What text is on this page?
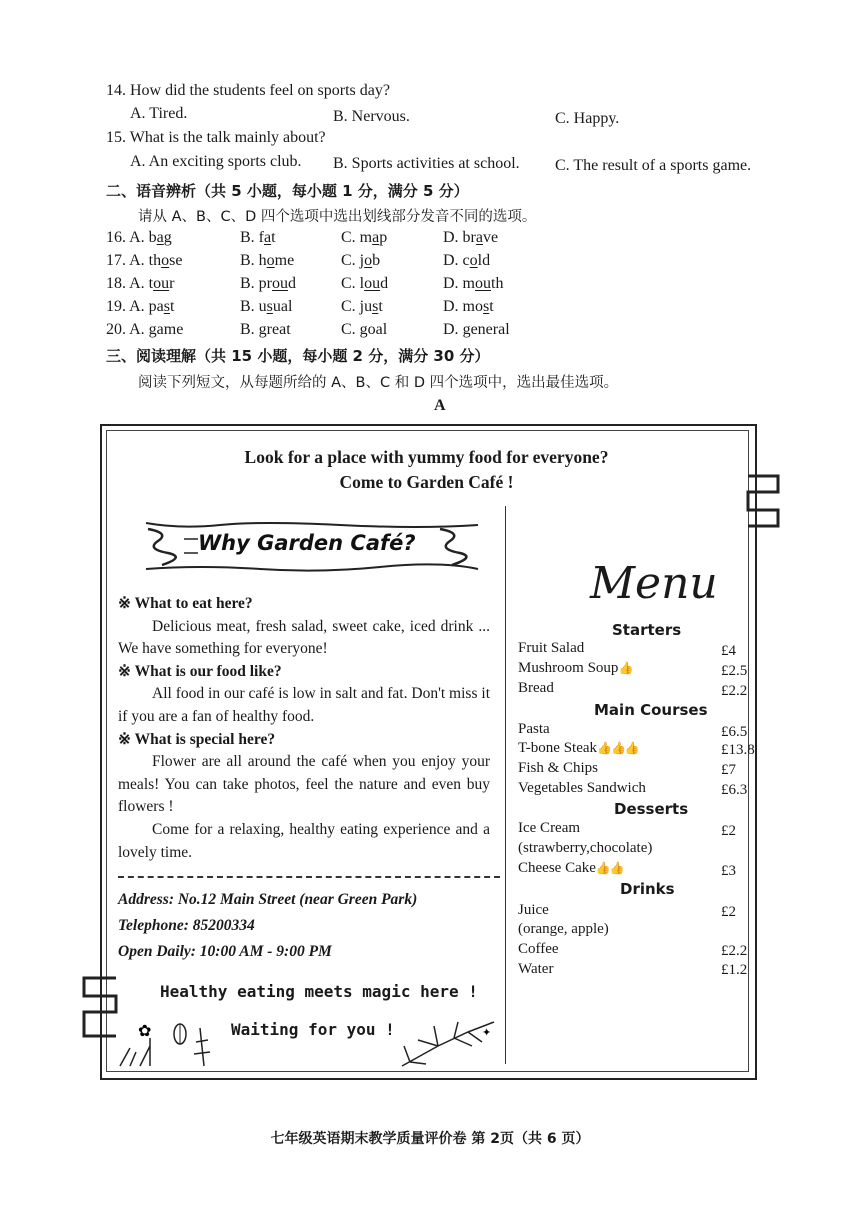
14. How did the students feel on sports day?
A. Tired.	B. Nervous.	C. Happy.
15. What is the talk mainly about?
A. An exciting sports club. B. Sports activities at school. C. The result of a sports game.
二、语音辨析（共 5 小题，每小题 1 分，满分 5 分）
请从 A、B、C、D 四个选项中选出划线部分发音不同的选项。
16. A. bag	B. fat	C. map	D. brave
17. A. those	B. home	C. job	D. cold
18. A. tour	B. proud	C. loud	D. mouth
19. A. past	B. usual	C. just	D. most
20. A. game	B. great	C. goal	D. general
三、阅读理解（共 15 小题，每小题 2 分，满分 30 分）
阅读下列短文，从每题所给的 A、B、C 和 D 四个选项中，选出最佳选项。
A
Look for a place with yummy food for everyone?
Come to Garden Café !
Why Garden Café?
※ What to eat here?
Delicious meat, fresh salad, sweet cake, iced drink ... We have something for everyone!
※ What is our food like?
All food in our café is low in salt and fat. Don't miss it if you are a fan of healthy food.
※ What is special here?
Flower are all around the café when you enjoy your meals! You can take photos, feel the nature and even buy flowers !
Come for a relaxing, healthy eating experience and a lovely time.
Address: No.12 Main Street (near Green Park)
Telephone: 85200334
Open Daily: 10:00 AM - 9:00 PM
Healthy eating meets magic here !
Waiting for you !
✿	✦
Menu
Starters
Fruit Salad	£4
Mushroom Soup👍	£2.5
Bread	£2.2
Main Courses
Pasta	£6.5
T-bone Steak👍👍👍	£13.8
Fish & Chips	£7
Vegetables Sandwich	£6.3
Desserts
Ice Cream	£2
(strawberry,chocolate)
Cheese Cake👍👍	£3
Drinks
Juice	£2
(orange, apple)
Coffee	£2.2
Water	£1.2
七年级英语期末教学质量评价卷 第 2页（共 6 页）
